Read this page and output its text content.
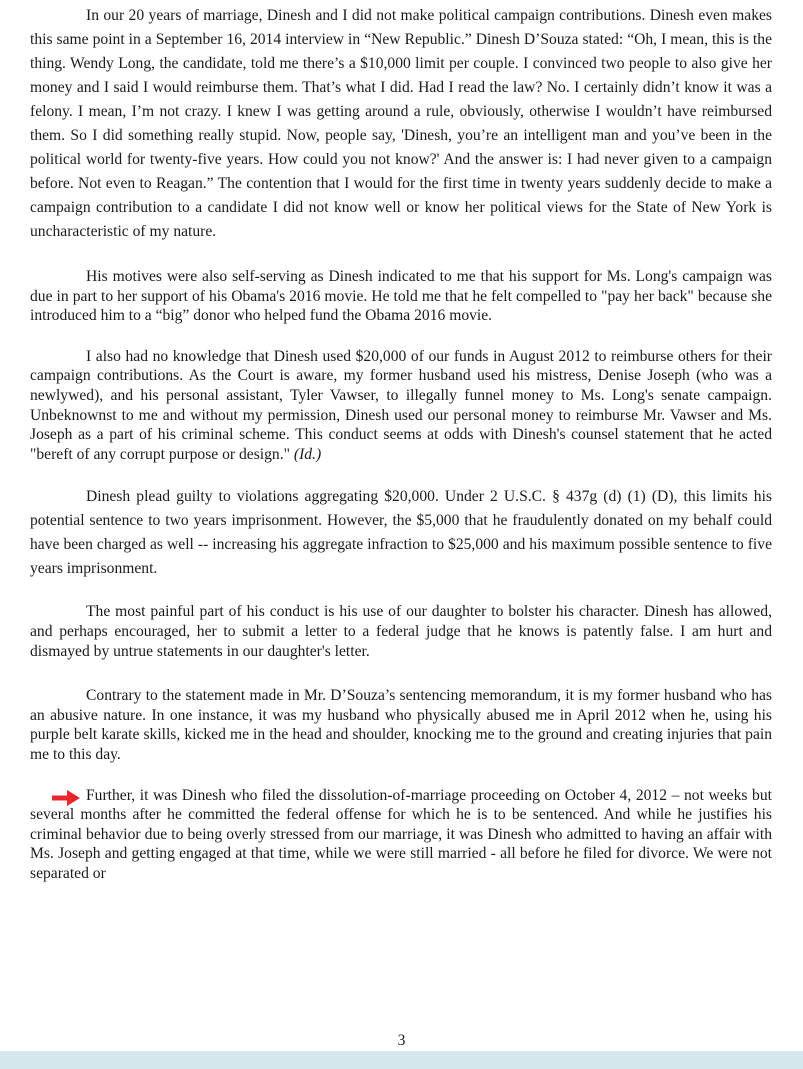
In our 20 years of marriage, Dinesh and I did not make political campaign contributions. Dinesh even makes this same point in a September 16, 2014 interview in “New Republic.” Dinesh D’Souza stated: “Oh, I mean, this is the thing. Wendy Long, the candidate, told me there’s a $10,000 limit per couple. I convinced two people to also give her money and I said I would reimburse them. That’s what I did. Had I read the law? No. I certainly didn’t know it was a felony. I mean, I’m not crazy. I knew I was getting around a rule, obviously, otherwise I wouldn’t have reimbursed them. So I did something really stupid. Now, people say, 'Dinesh, you’re an intelligent man and you’ve been in the political world for twenty-five years. How could you not know?' And the answer is: I had never given to a campaign before. Not even to Reagan.” The contention that I would for the first time in twenty years suddenly decide to make a campaign contribution to a candidate I did not know well or know her political views for the State of New York is uncharacteristic of my nature.

His motives were also self-serving as Dinesh indicated to me that his support for Ms. Long's campaign was due in part to her support of his Obama's 2016 movie. He told me that he felt compelled to "pay her back" because she introduced him to a “big” donor who helped fund the Obama 2016 movie.

I also had no knowledge that Dinesh used $20,000 of our funds in August 2012 to reimburse others for their campaign contributions. As the Court is aware, my former husband used his mistress, Denise Joseph (who was a newlywed), and his personal assistant, Tyler Vawser, to illegally funnel money to Ms. Long's senate campaign. Unbeknownst to me and without my permission, Dinesh used our personal money to reimburse Mr. Vawser and Ms. Joseph as a part of his criminal scheme. This conduct seems at odds with Dinesh's counsel statement that he acted "bereft of any corrupt purpose or design." (Id.)

Dinesh plead guilty to violations aggregating $20,000. Under 2 U.S.C. § 437g (d) (1) (D), this limits his potential sentence to two years imprisonment. However, the $5,000 that he fraudulently donated on my behalf could have been charged as well -- increasing his aggregate infraction to $25,000 and his maximum possible sentence to five years imprisonment.

The most painful part of his conduct is his use of our daughter to bolster his character. Dinesh has allowed, and perhaps encouraged, her to submit a letter to a federal judge that he knows is patently false. I am hurt and dismayed by untrue statements in our daughter's letter.

Contrary to the statement made in Mr. D’Souza’s sentencing memorandum, it is my former husband who has an abusive nature. In one instance, it was my husband who physically abused me in April 2012 when he, using his purple belt karate skills, kicked me in the head and shoulder, knocking me to the ground and creating injuries that pain me to this day.

Further, it was Dinesh who filed the dissolution-of-marriage proceeding on October 4, 2012 – not weeks but several months after he committed the federal offense for which he is to be sentenced. And while he justifies his criminal behavior due to being overly stressed from our marriage, it was Dinesh who admitted to having an affair with Ms. Joseph and getting engaged at that time, while we were still married - all before he filed for divorce. We were not separated or

3
